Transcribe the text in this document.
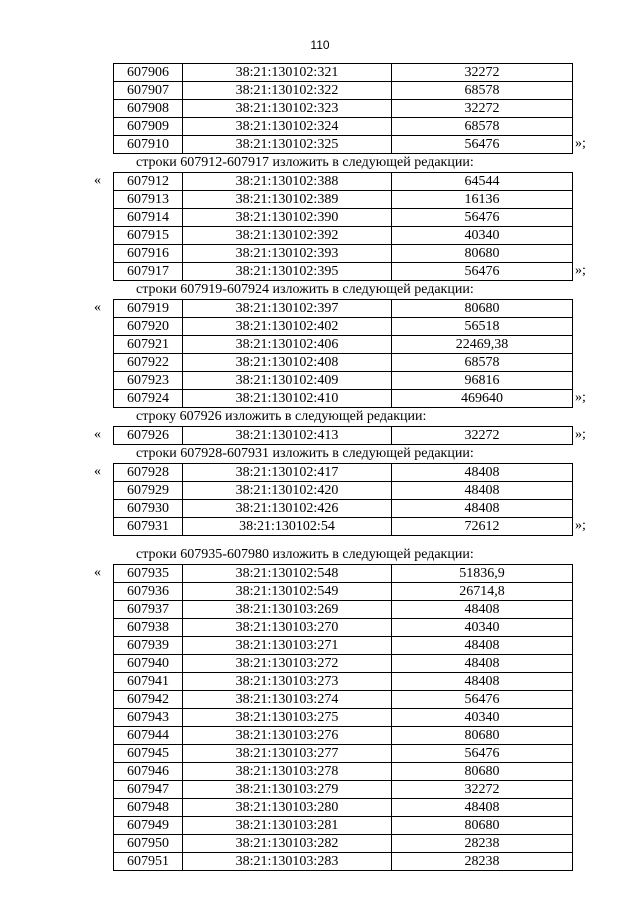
110
607906	38:21:130102:321	32272
607907	38:21:130102:322	68578
607908	38:21:130102:323	32272
607909	38:21:130102:324	68578
607910	38:21:130102:325	56476	»;
строки 607912-607917 изложить в следующей редакции:
607912	38:21:130102:388	64544
607913	38:21:130102:389	16136
607914	38:21:130102:390	56476
607915	38:21:130102:392	40340
607916	38:21:130102:393	80680
607917	38:21:130102:395	56476
«
»;
строки 607919-607924 изложить в следующей редакции:
607919	38:21:130102:397	80680
607920	38:21:130102:402	56518
607921	38:21:130102:406	22469,38
607922	38:21:130102:408	68578
607923	38:21:130102:409	96816
607924	38:21:130102:410	469640
«
»;
строку 607926 изложить в следующей редакции:
607926	38:21:130102:413	32272
«	»;
строки 607928-607931 изложить в следующей редакции:
607928	38:21:130102:417	48408
607929	38:21:130102:420	48408
607930	38:21:130102:426	48408
607931	38:21:130102:54	72612
«
»;
строки 607935-607980 изложить в следующей редакции:
607935	38:21:130102:548	51836,9
607936	38:21:130102:549	26714,8
607937	38:21:130103:269	48408
607938	38:21:130103:270	40340
607939	38:21:130103:271	48408
607940	38:21:130103:272	48408
607941	38:21:130103:273	48408
607942	38:21:130103:274	56476
607943	38:21:130103:275	40340
607944	38:21:130103:276	80680
607945	38:21:130103:277	56476
607946	38:21:130103:278	80680
607947	38:21:130103:279	32272
607948	38:21:130103:280	48408
607949	38:21:130103:281	80680
607950	38:21:130103:282	28238
607951	38:21:130103:283	28238
«
